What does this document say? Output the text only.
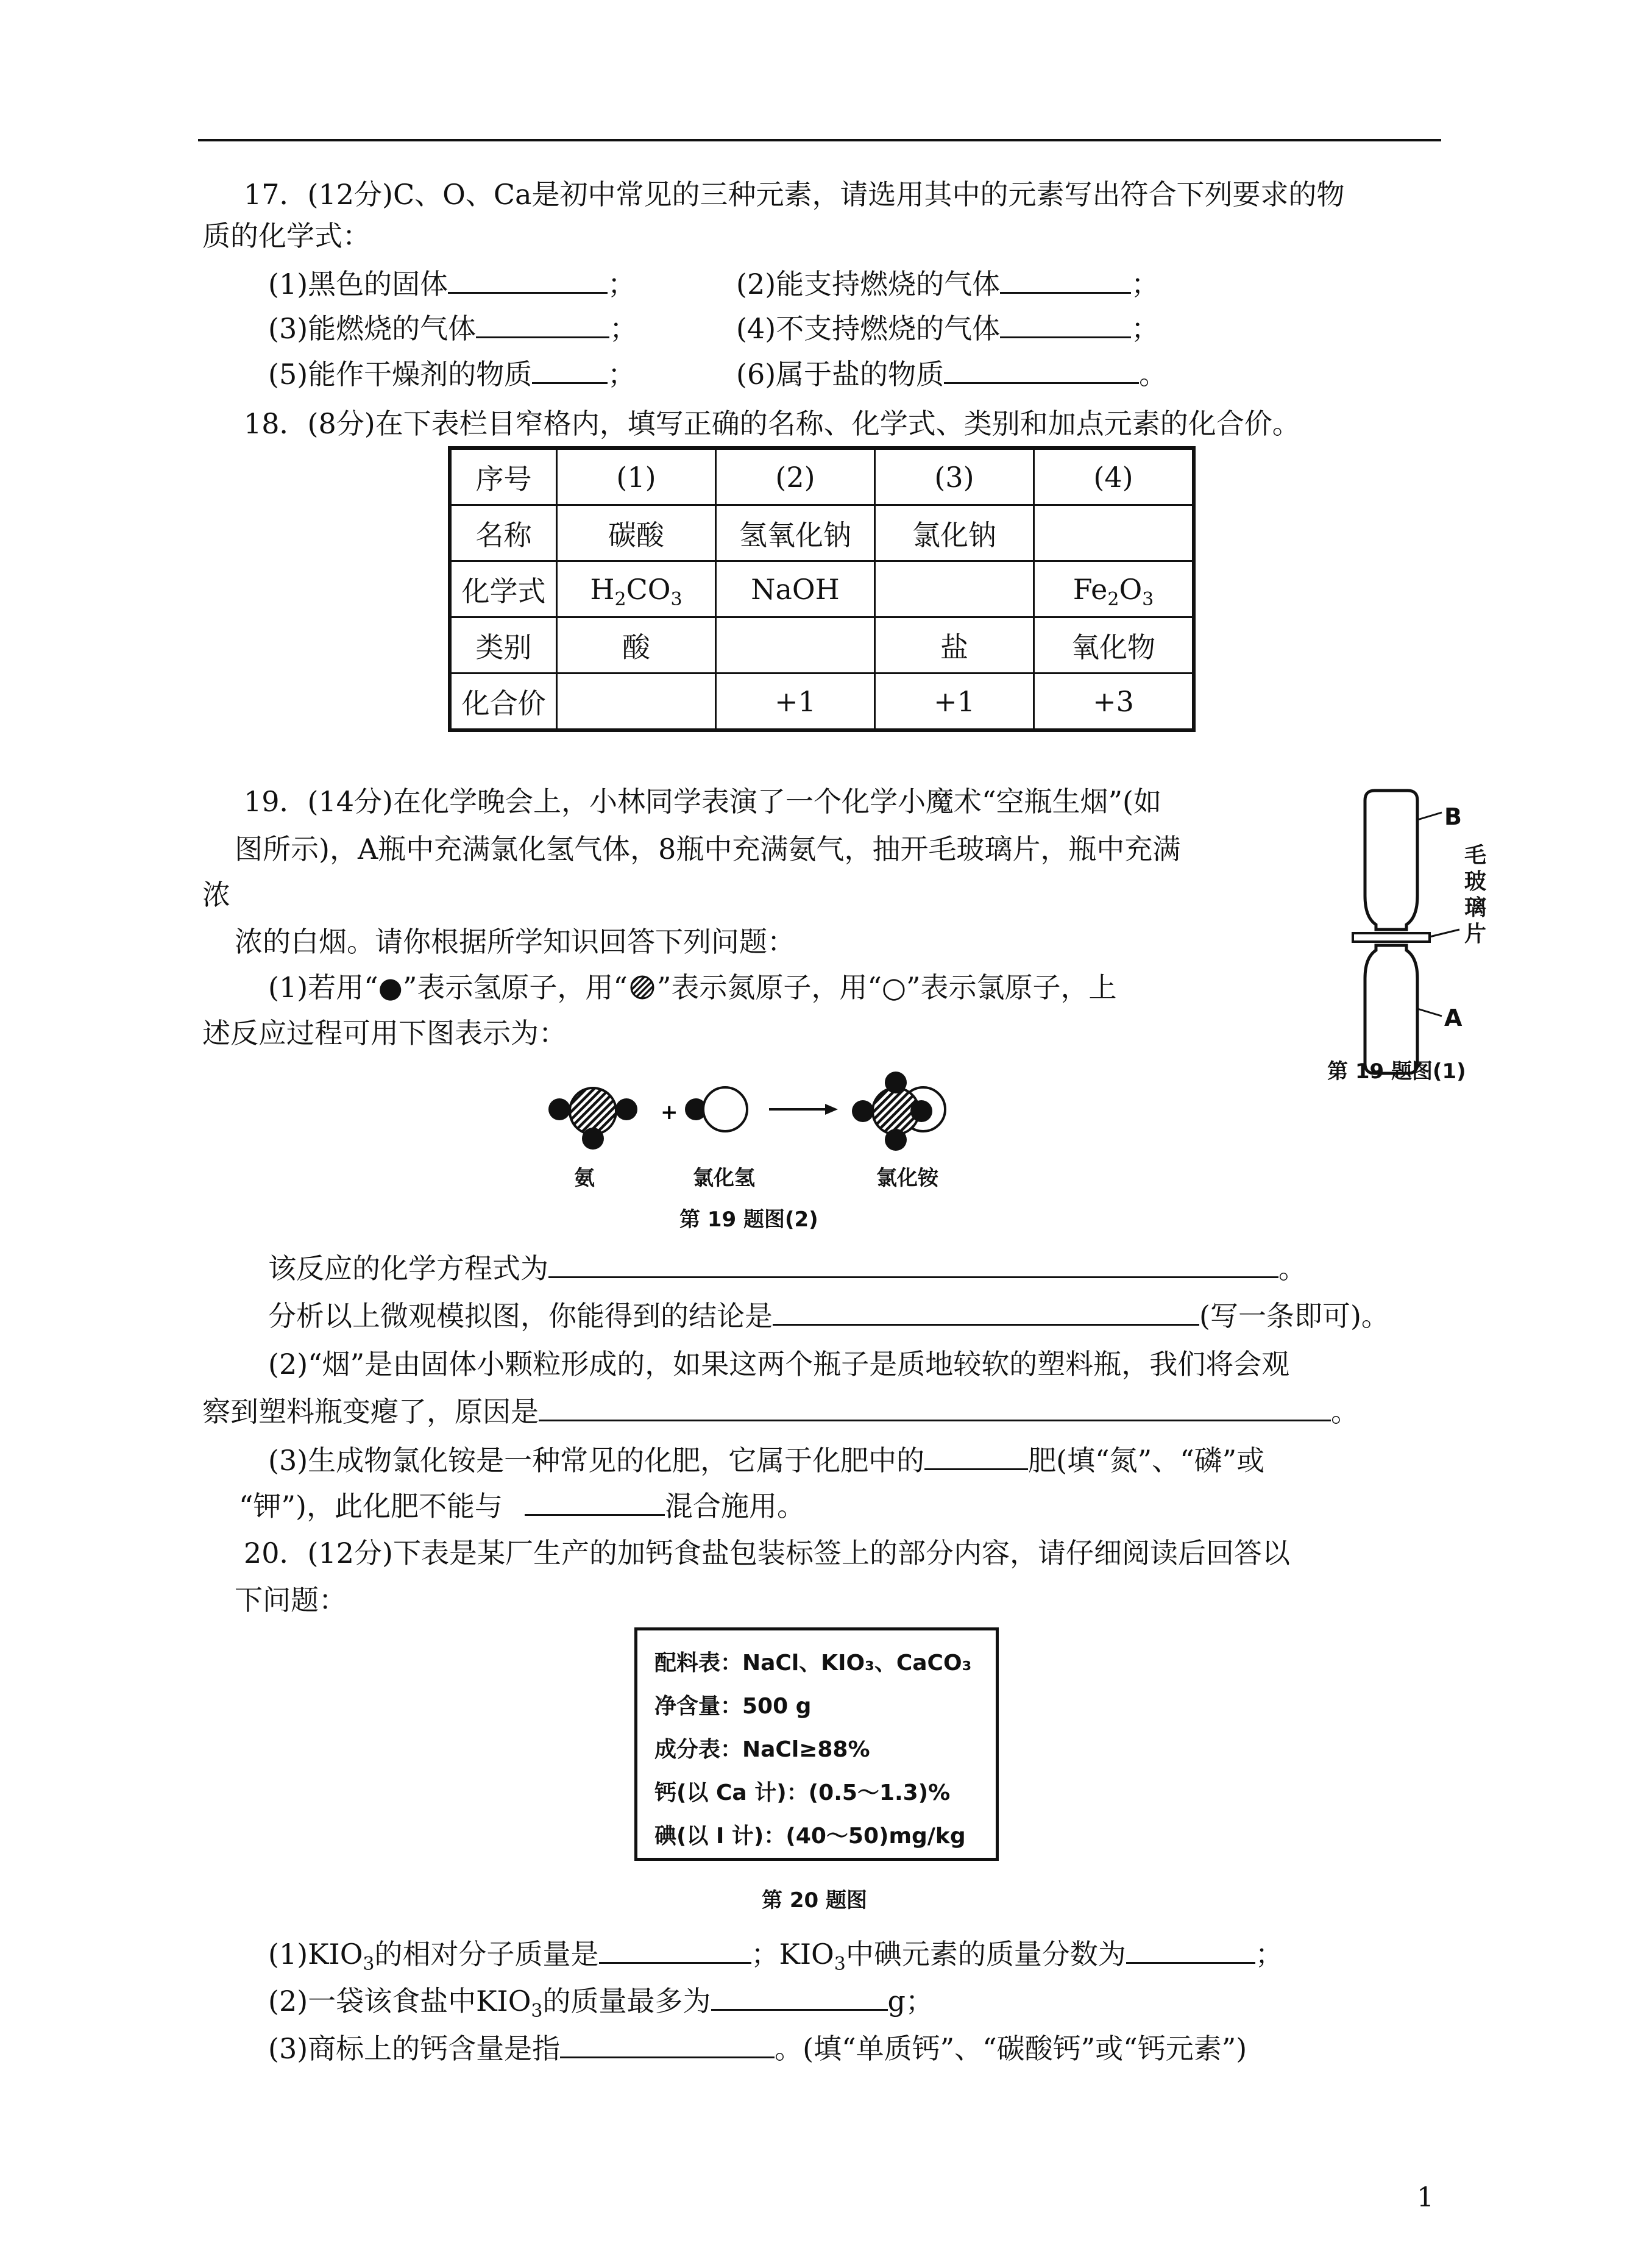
17．(12分)C、O、Ca是初中常见的三种元素，请选用其中的元素写出符合下列要求的物
质的化学式：
(1)黑色的固体	；	(2)能支持燃烧的气体	；
(3)能燃烧的气体	；	(4)不支持燃烧的气体	；
(5)能作干燥剂的物质	；	(6)属于盐的物质	。
18．(8分)在下表栏目窄格内，填写正确的名称、化学式、类别和加点元素的化合价。
序号	(1)	(2)	(3)	(4)
名称	碳酸	氢氧化钠	氯化钠	
化学式	$H_2CO_3$	NaOH		$Fe_2O_3$
类别	酸		盐	氧化物
化合价		+1	+1	+3
19．(14分)在化学晚会上，小林同学表演了一个化学小魔术“空瓶生烟”(如
图所示)，A瓶中充满氯化氢气体，8瓶中充满氨气，抽开毛玻璃片，瓶中充满
浓
浓的白烟。请你根据所学知识回答下列问题：
(1)若用“●”表示氢原子，用“ ”表示氮原子，用“○”表示氯原子，上
述反应过程可用下图表示为：
B
A
毛
玻
璃
片
第 19 题图(1)
+
氨	氯化氢	氯化铵
第 19 题图(2)
该反应的化学方程式为	。
分析以上微观模拟图，你能得到的结论是	(写一条即可)。
(2)“烟”是由固体小颗粒形成的，如果这两个瓶子是质地较软的塑料瓶，我们将会观
察到塑料瓶变瘪了，原因是	。
(3)生成物氯化铵是一种常见的化肥，它属于化肥中的	肥(填“氮”、“磷”或
“钾”)，此化肥不能与	混合施用。
20．(12分)下表是某厂生产的加钙食盐包装标签上的部分内容，请仔细阅读后回答以
下问题：
配料表：NaCl、KIO₃、CaCO₃
净含量：500 g
成分表：NaCl≥88%
钙(以 Ca 计)：(0.5～1.3)%
碘(以 I 计)：(40～50)mg/kg
第 20 题图
$(1)KIO_3$的相对分子质量是	；$KIO_3$中碘元素的质量分数为	；
(2)一袋该食盐中$KIO_3$的质量最多为	g；
(3)商标上的钙含量是指	。(填“单质钙”、“碳酸钙”或“钙元素”)
1
